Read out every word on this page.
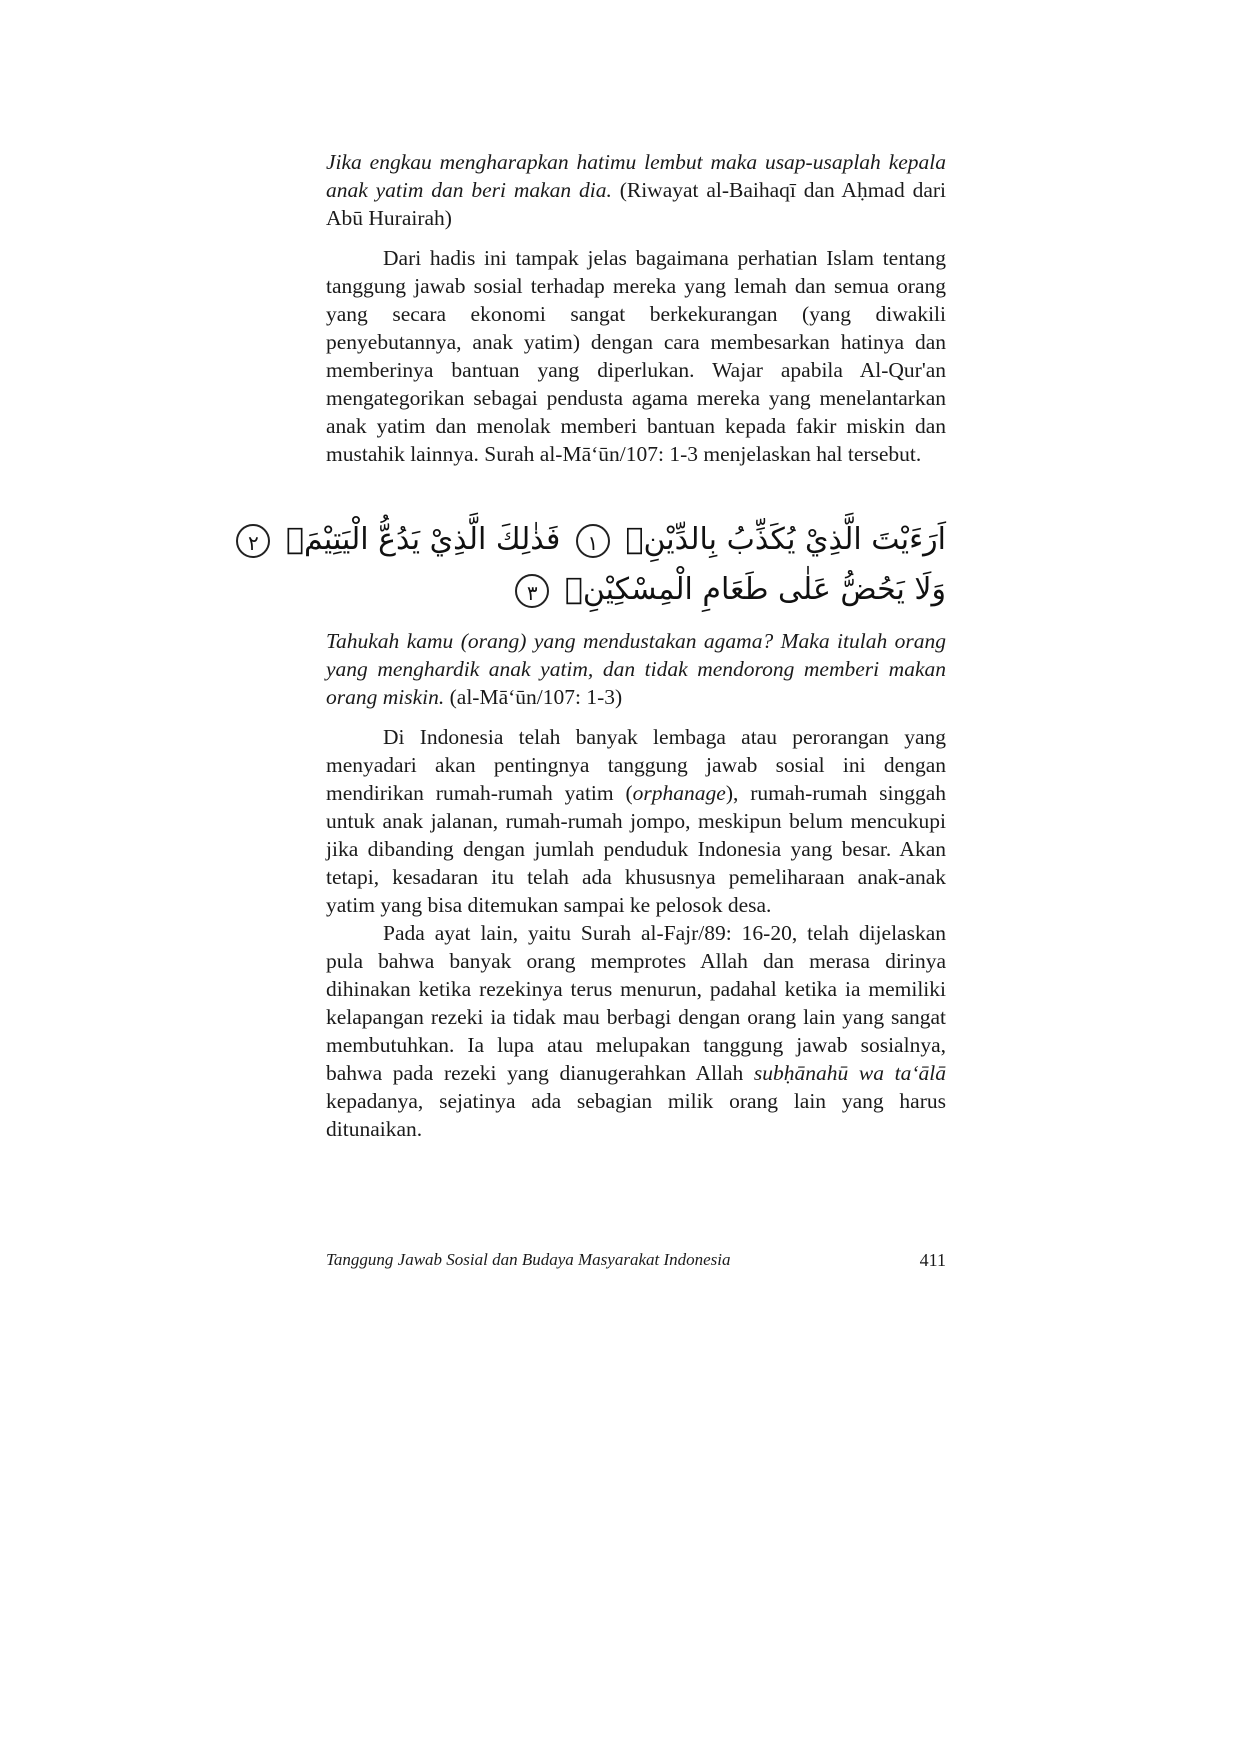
Jika engkau mengharapkan hatimu lembut maka usap-usaplah kepala anak yatim dan beri makan dia. (Riwayat al-Baihaqī dan Aḥmad dari Abū Hurairah)

Dari hadis ini tampak jelas bagaimana perhatian Islam tentang tanggung jawab sosial terhadap mereka yang lemah dan semua orang yang secara ekonomi sangat berkekurangan (yang diwakili penyebutannya, anak yatim) dengan cara membesarkan hatinya dan memberinya bantuan yang diperlukan. Wajar apabila Al-Qur'an mengategorikan sebagai pendusta agama mereka yang menelantarkan anak yatim dan menolak memberi bantuan kepada fakir miskin dan mustahik lainnya. Surah al-Mā‘ūn/107: 1-3 menjelaskan hal tersebut.

اَرَءَيْتَ الَّذِيْ يُكَذِّبُ بِالدِّيْنِۗ ١ فَذٰلِكَ الَّذِيْ يَدُعُّ الْيَتِيْمَۙ ٢
وَلَا يَحُضُّ عَلٰى طَعَامِ الْمِسْكِيْنِۗ ٣

Tahukah kamu (orang) yang mendustakan agama? Maka itulah orang yang menghardik anak yatim, dan tidak mendorong memberi makan orang miskin. (al-Mā‘ūn/107: 1-3)

Di Indonesia telah banyak lembaga atau perorangan yang menyadari akan pentingnya tanggung jawab sosial ini dengan mendirikan rumah-rumah yatim (orphanage), rumah-rumah singgah untuk anak jalanan, rumah-rumah jompo, meskipun belum mencukupi jika dibanding dengan jumlah penduduk Indonesia yang besar. Akan tetapi, kesadaran itu telah ada khususnya pemeliharaan anak-anak yatim yang bisa ditemukan sampai ke pelosok desa.

Pada ayat lain, yaitu Surah al-Fajr/89: 16-20, telah dijelaskan pula bahwa banyak orang memprotes Allah dan merasa dirinya dihinakan ketika rezekinya terus menurun, padahal ketika ia memiliki kelapangan rezeki ia tidak mau berbagi dengan orang lain yang sangat membutuhkan. Ia lupa atau melupakan tanggung jawab sosialnya, bahwa pada rezeki yang dianugerahkan Allah subḥānahū wa ta‘ālā kepadanya, sejatinya ada sebagian milik orang lain yang harus ditunaikan.

Tanggung Jawab Sosial dan Budaya Masyarakat Indonesia	411
